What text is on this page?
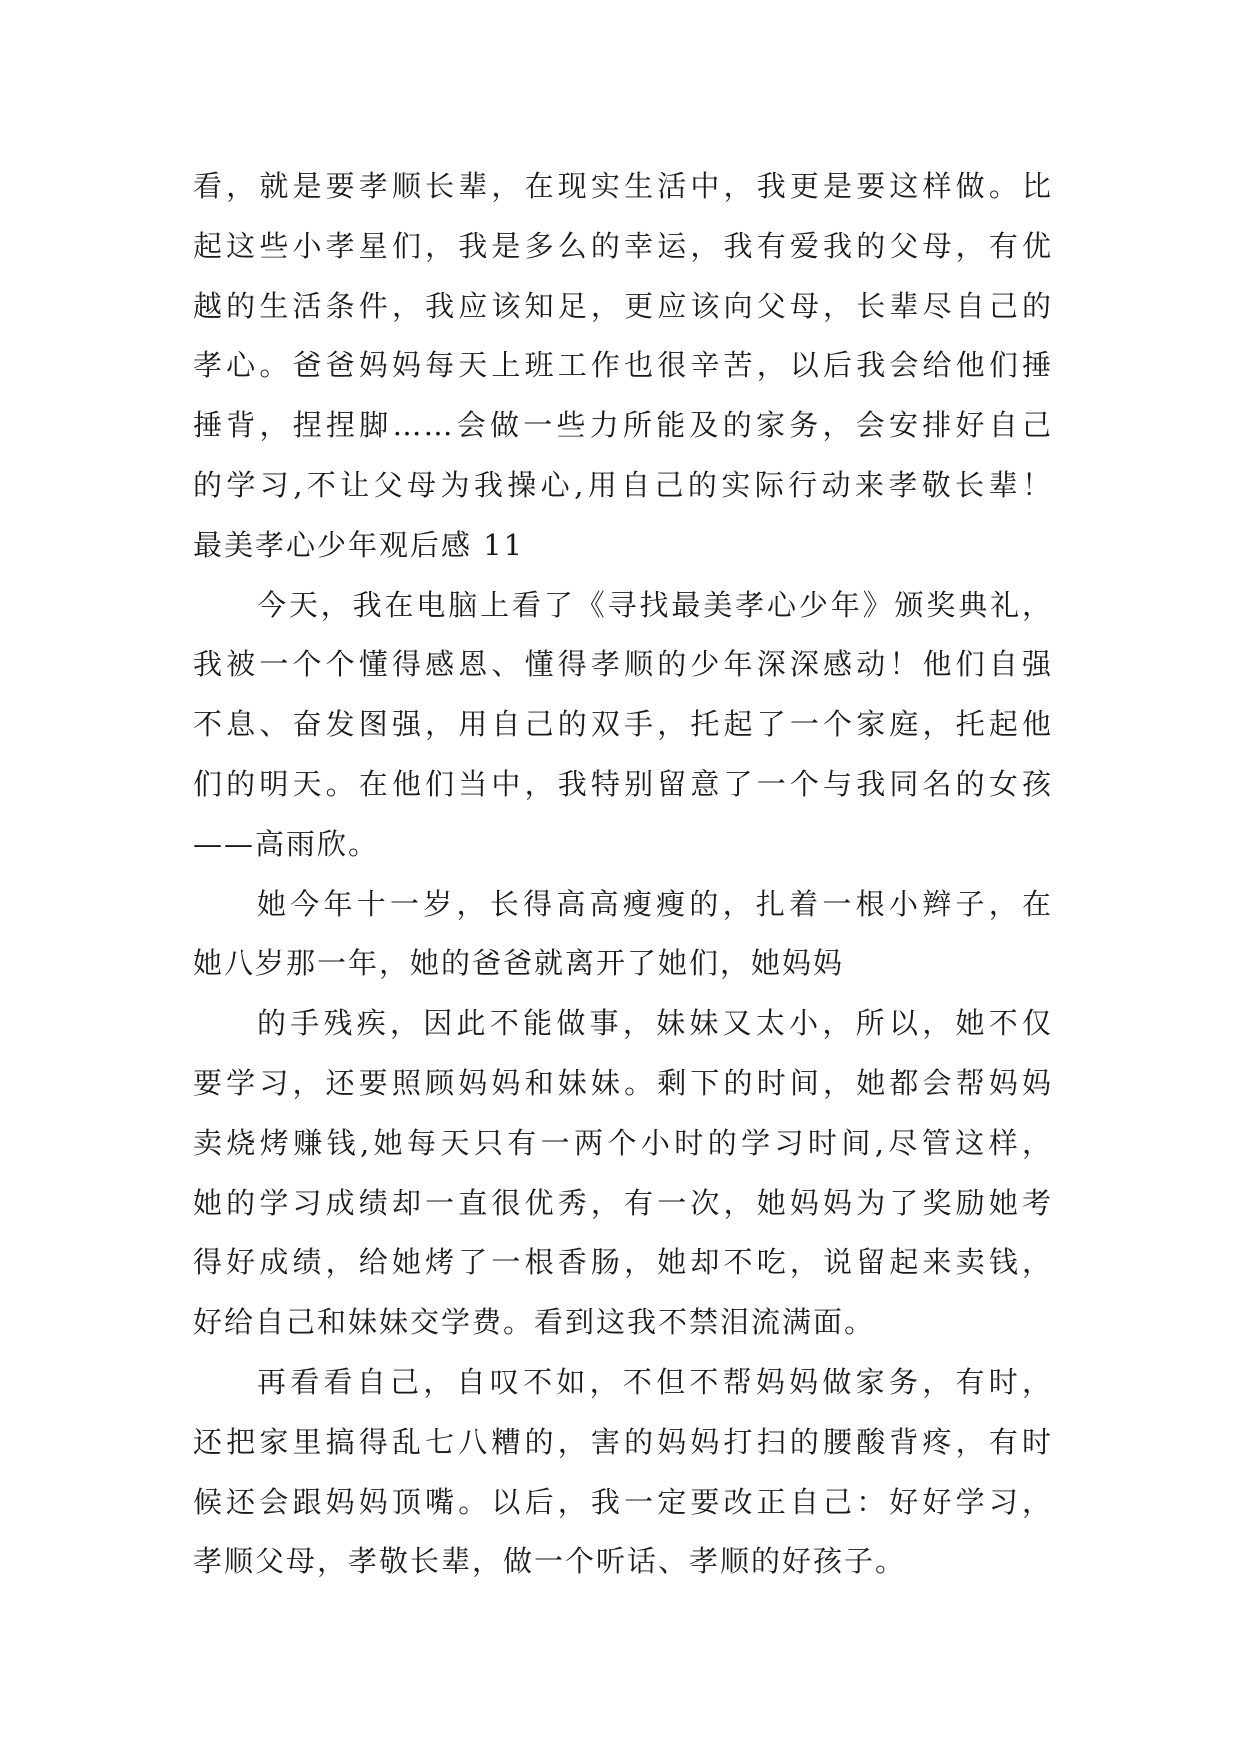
看，就是要孝顺长辈，在现实生活中，我更是要这样做。比
起这些小孝星们，我是多么的幸运，我有爱我的父母，有优
越的生活条件，我应该知足，更应该向父母，长辈尽自己的
孝心。爸爸妈妈每天上班工作也很辛苦，以后我会给他们捶
捶背，捏捏脚……会做一些力所能及的家务，会安排好自己
的学习,不让父母为我操心,用自己的实际行动来孝敬长辈！
最美孝心少年观后感 11
今天，我在电脑上看了《寻找最美孝心少年》颁奖典礼，
我被一个个懂得感恩、懂得孝顺的少年深深感动！他们自强
不息、奋发图强，用自己的双手，托起了一个家庭，托起他
们的明天。在他们当中，我特别留意了一个与我同名的女孩
——高雨欣。
她今年十一岁，长得高高瘦瘦的，扎着一根小辫子，在
她八岁那一年，她的爸爸就离开了她们，她妈妈
的手残疾，因此不能做事，妹妹又太小，所以，她不仅
要学习，还要照顾妈妈和妹妹。剩下的时间，她都会帮妈妈
卖烧烤赚钱,她每天只有一两个小时的学习时间,尽管这样，
她的学习成绩却一直很优秀，有一次，她妈妈为了奖励她考
得好成绩，给她烤了一根香肠，她却不吃，说留起来卖钱，
好给自己和妹妹交学费。看到这我不禁泪流满面。
再看看自己，自叹不如，不但不帮妈妈做家务，有时，
还把家里搞得乱七八糟的，害的妈妈打扫的腰酸背疼，有时
候还会跟妈妈顶嘴。以后，我一定要改正自己：好好学习，
孝顺父母，孝敬长辈，做一个听话、孝顺的好孩子。
